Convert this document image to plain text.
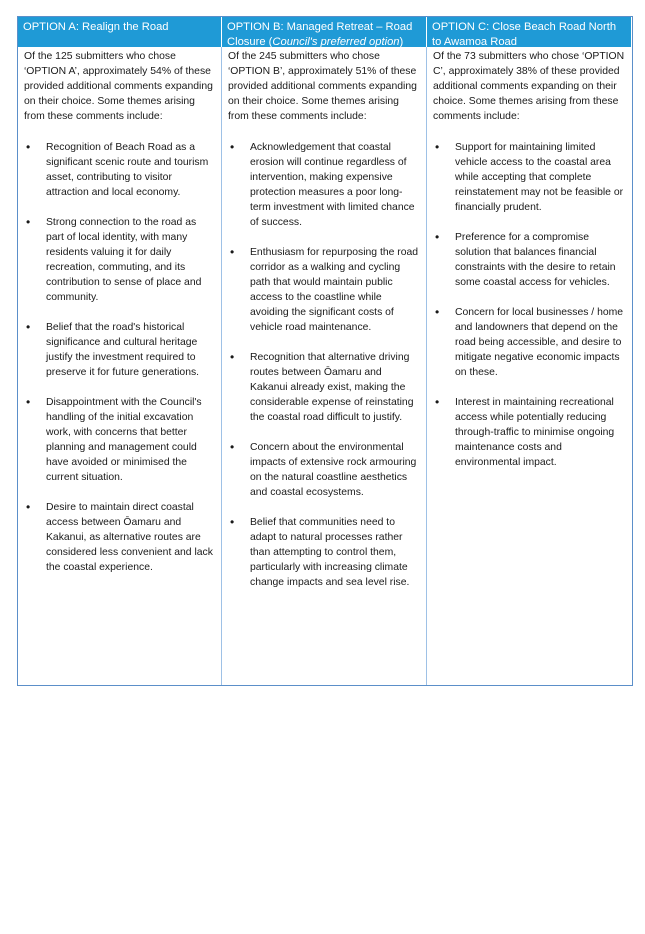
OPTION A: Realign the Road	OPTION B: Managed Retreat – Road Closure (Council's preferred option)
OPTION C: Close Beach Road North to Awamoa Road

Of the 125 submitters who chose ‘OPTION A’, approximately 54% of these provided additional comments expanding on their choice. Some themes arising from these comments include:

• Recognition of Beach Road as a significant scenic route and tourism asset, contributing to visitor attraction and local economy.
• Strong connection to the road as part of local identity, with many residents valuing it for daily recreation, commuting, and its contribution to sense of place and community.
• Belief that the road's historical significance and cultural heritage justify the investment required to preserve it for future generations.
• Disappointment with the Council's handling of the initial excavation work, with concerns that better planning and management could have avoided or minimised the current situation.
• Desire to maintain direct coastal access between Ōamaru and Kakanui, as alternative routes are considered less convenient and lack the coastal experience.

Of the 245 submitters who chose ‘OPTION B’, approximately 51% of these provided additional comments expanding on their choice. Some themes arising from these comments include:

• Acknowledgement that coastal erosion will continue regardless of intervention, making expensive protection measures a poor long-term investment with limited chance of success.
• Enthusiasm for repurposing the road corridor as a walking and cycling path that would maintain public access to the coastline while avoiding the significant costs of vehicle road maintenance.
• Recognition that alternative driving routes between Ōamaru and Kakanui already exist, making the considerable expense of reinstating the coastal road difficult to justify.
• Concern about the environmental impacts of extensive rock armouring on the natural coastline aesthetics and coastal ecosystems.
• Belief that communities need to adapt to natural processes rather than attempting to control them, particularly with increasing climate change impacts and sea level rise.

Of the 73 submitters who chose ‘OPTION C’, approximately 38% of these provided additional comments expanding on their choice. Some themes arising from these comments include:

• Support for maintaining limited vehicle access to the coastal area while accepting that complete reinstatement may not be feasible or financially prudent.
• Preference for a compromise solution that balances financial constraints with the desire to retain some coastal access for vehicles.
• Concern for local businesses / home and landowners that depend on the road being accessible, and desire to mitigate negative economic impacts on these.
• Interest in maintaining recreational access while potentially reducing through-traffic to minimise ongoing maintenance costs and environmental impact.
